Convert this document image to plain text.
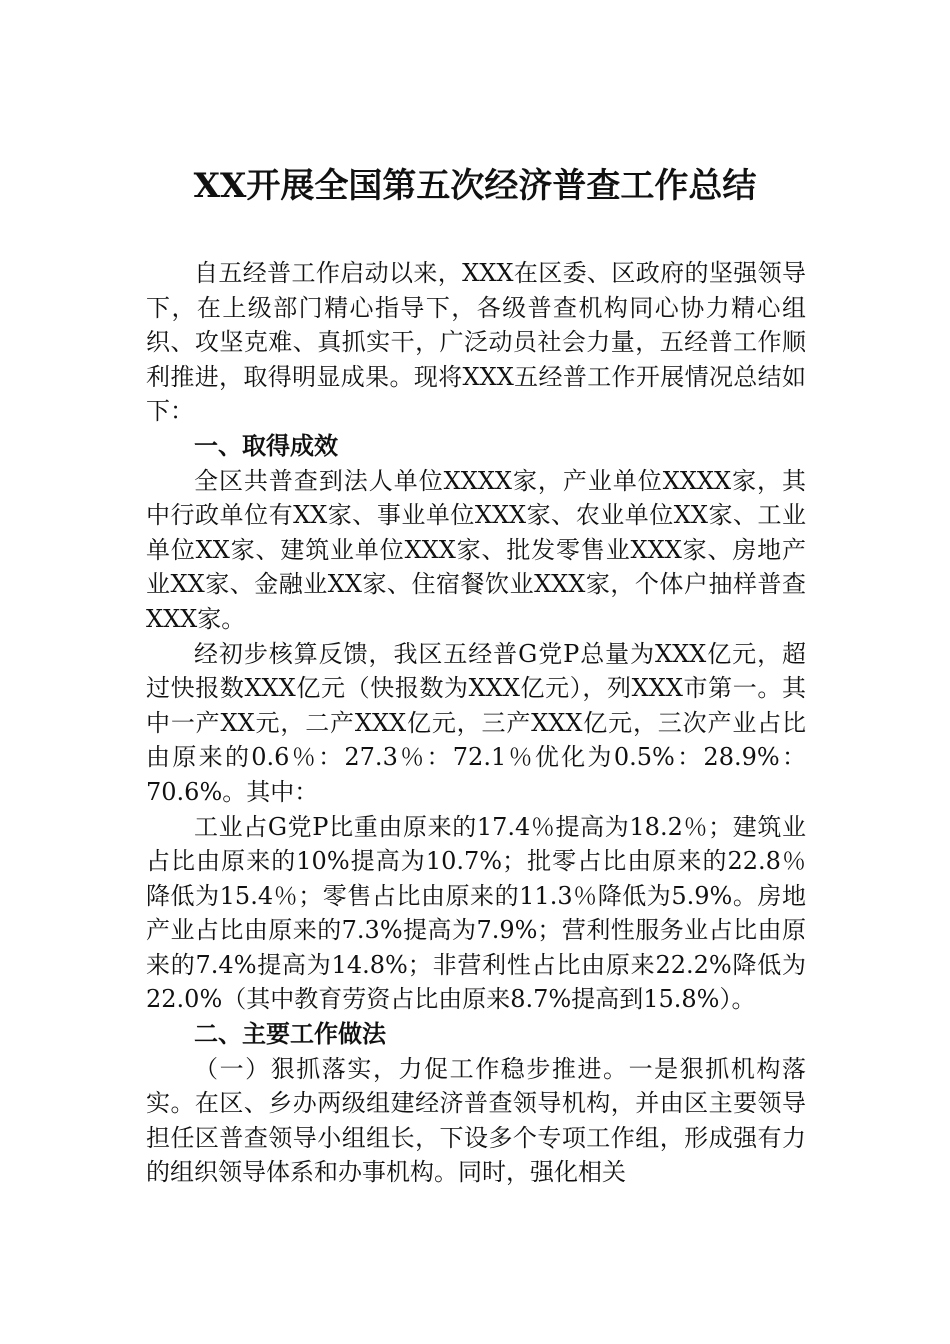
XX开展全国第五次经济普查工作总结

自五经普工作启动以来，XXX在区委、区政府的坚强领导下，在上级部门精心指导下，各级普查机构同心协力精心组织、攻坚克难、真抓实干，广泛动员社会力量，五经普工作顺利推进，取得明显成果。现将XXX五经普工作开展情况总结如下：

一、取得成效

全区共普查到法人单位XXXX家，产业单位XXXX家，其中行政单位有XX家、事业单位XXX家、农业单位XX家、工业单位XX家、建筑业单位XXX家、批发零售业XXX家、房地产业XX家、金融业XX家、住宿餐饮业XXX家，个体户抽样普查XXX家。

经初步核算反馈，我区五经普G党P总量为XXX亿元，超过快报数XXX亿元（快报数为XXX亿元），列XXX市第一。其中一产XX元，二产XXX亿元，三产XXX亿元，三次产业占比由原来的0.6％：27.3％：72.1％优化为0.5%：28.9%：70.6%。其中：

工业占G党P比重由原来的17.4％提高为18.2％；建筑业占比由原来的10%提高为10.7%；批零占比由原来的22.8％降低为15.4％；零售占比由原来的11.3％降低为5.9%。房地产业占比由原来的7.3%提高为7.9%；营利性服务业占比由原来的7.4%提高为14.8%；非营利性占比由原来22.2%降低为22.0%（其中教育劳资占比由原来8.7%提高到15.8%）。

二、主要工作做法

（一）狠抓落实，力促工作稳步推进。一是狠抓机构落实。在区、乡办两级组建经济普查领导机构，并由区主要领导担任区普查领导小组组长，下设多个专项工作组，形成强有力的组织领导体系和办事机构。同时，强化相关
